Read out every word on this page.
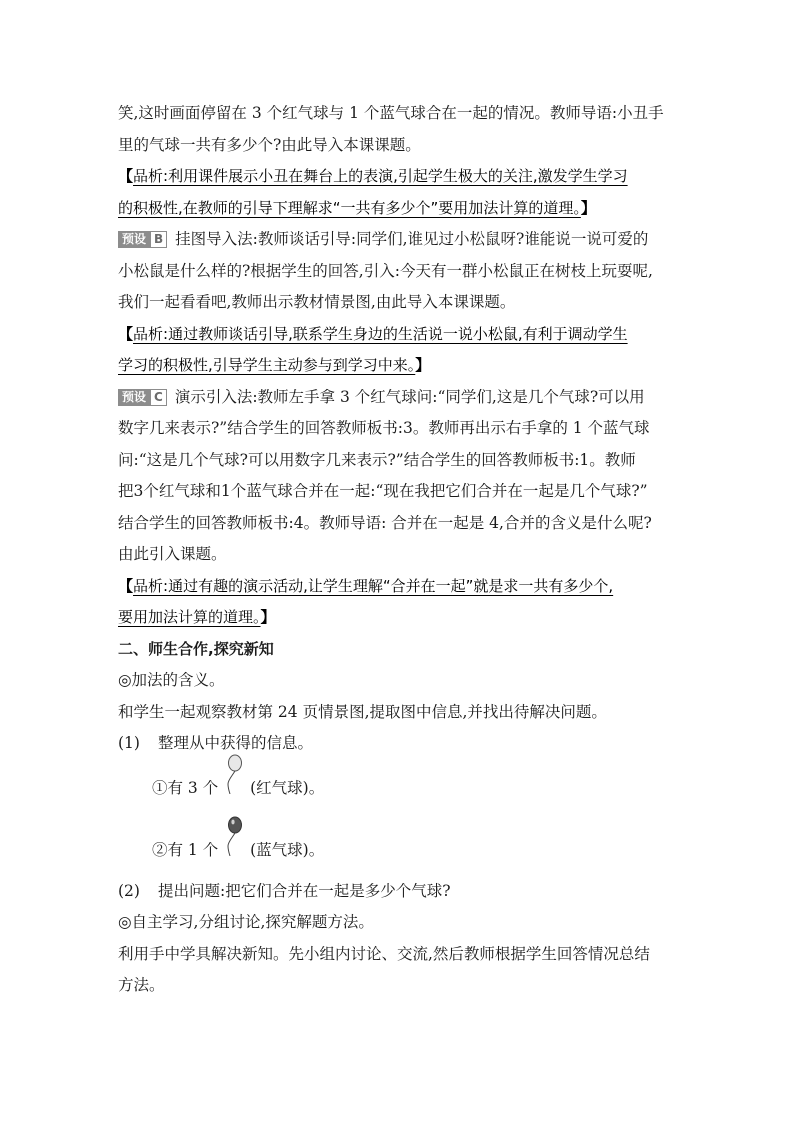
笑,这时画面停留在 3 个红气球与 1 个蓝气球合在一起的情况。教师导语:小丑手

里的气球一共有多少个?由此导入本课课题。

【品析:利用课件展示小丑在舞台上的表演,引起学生极大的关注,激发学生学习

的积极性,在教师的引导下理解求“一共有多少个”要用加法计算的道理。】

预设 B 挂图导入法:教师谈话引导:同学们,谁见过小松鼠呀?谁能说一说可爱的

小松鼠是什么样的?根据学生的回答,引入:今天有一群小松鼠正在树枝上玩耍呢,

我们一起看看吧,教师出示教材情景图,由此导入本课课题。

【品析:通过教师谈话引导,联系学生身边的生活说一说小松鼠,有利于调动学生

学习的积极性,引导学生主动参与到学习中来。】

预设 C 演示引入法:教师左手拿 3 个红气球问:“同学们,这是几个气球?可以用

数字几来表示?”结合学生的回答教师板书:3。教师再出示右手拿的 1 个蓝气球

问:“这是几个气球?可以用数字几来表示?”结合学生的回答教师板书:1。教师

把3个红气球和1个蓝气球合并在一起:“现在我把它们合并在一起是几个气球?”

结合学生的回答教师板书:4。教师导语: 合并在一起是 4,合并的含义是什么呢?

由此引入课题。

【品析:通过有趣的演示活动,让学生理解“合并在一起”就是求一共有多少个,

要用加法计算的道理。】

二、师生合作,探究新知

◎加法的含义。

和学生一起观察教材第 24 页情景图,提取图中信息,并找出待解决问题。

(1) 整理从中获得的信息。

①有 3 个 (红气球)。
②有 1 个 (蓝气球)。

(2) 提出问题:把它们合并在一起是多少个气球?

◎自主学习,分组讨论,探究解题方法。

利用手中学具解决新知。先小组内讨论、交流,然后教师根据学生回答情况总结

方法。
